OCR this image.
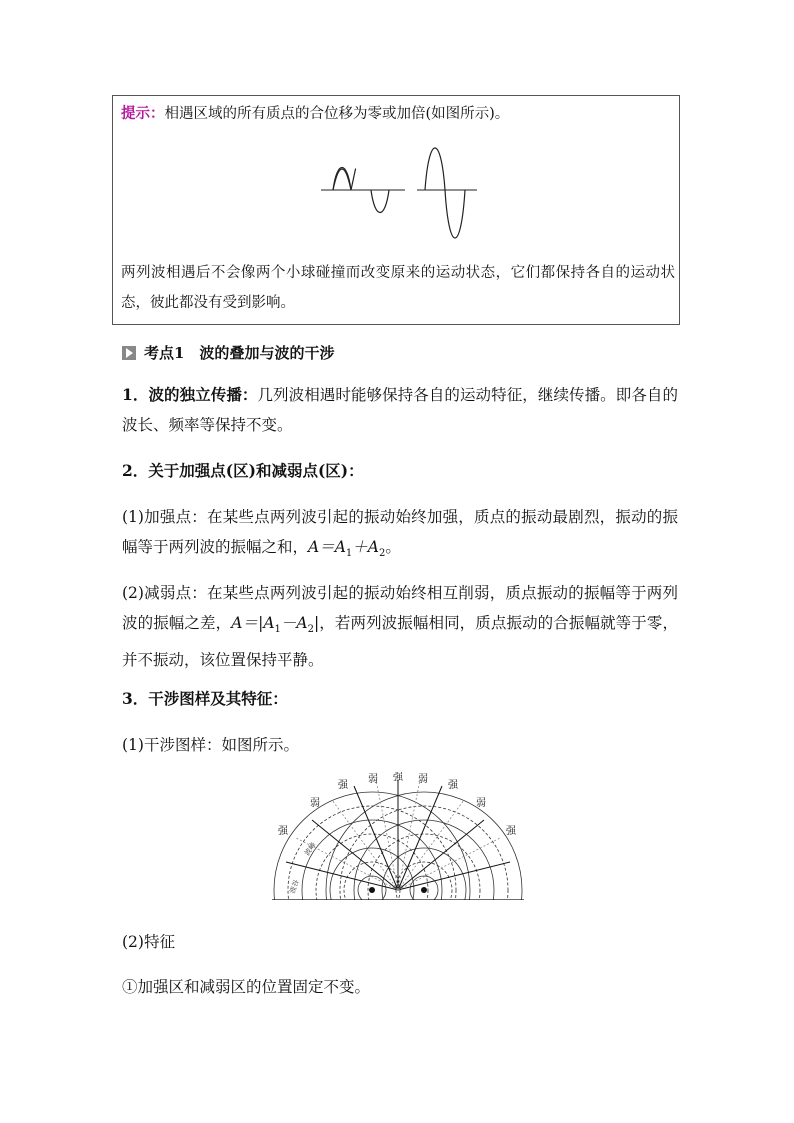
提示：相遇区域的所有质点的合位移为零或加倍(如图所示)。
两列波相遇后不会像两个小球碰撞而改变原来的运动状态，它们都保持各自的运动状态，彼此都没有受到影响。
考点1　波的叠加与波的干涉

1．波的独立传播：几列波相遇时能够保持各自的运动特征，继续传播。即各自的波长、频率等保持不变。

2．关于加强点(区)和减弱点(区)：

(1)加强点：在某些点两列波引起的振动始终加强，质点的振动最剧烈，振动的振幅等于两列波的振幅之和，$A=A_1+A_2$。

(2)减弱点：在某些点两列波引起的振动始终相互削弱，质点振动的振幅等于两列波的振幅之差，$A=|A_1-A_2|$，若两列波振幅相同，质点振动的合振幅就等于零，并不振动，该位置保持平静。

3．干涉图样及其特征：

(1)干涉图样：如图所示。

强
弱
强
弱 强 弱
强
弱
强
波谷
波峰

(2)特征

①加强区和减弱区的位置固定不变。
